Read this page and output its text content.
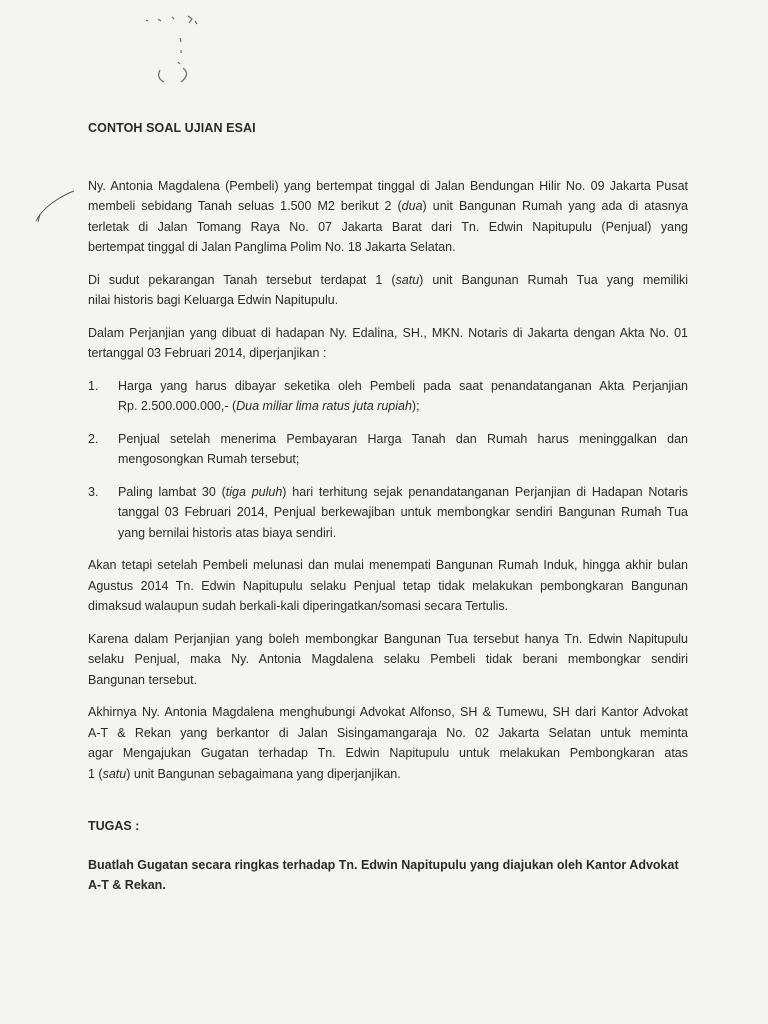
CONTOH SOAL UJIAN ESAI

Ny. Antonia Magdalena (Pembeli) yang bertempat tinggal di Jalan Bendungan Hilir No. 09 Jakarta Pusat
membeli sebidang Tanah seluas 1.500 M2 berikut 2 (dua) unit Bangunan Rumah yang ada di atasnya
terletak di Jalan Tomang Raya No. 07 Jakarta Barat dari Tn. Edwin Napitupulu (Penjual) yang
bertempat tinggal di Jalan Panglima Polim No. 18 Jakarta Selatan.

Di sudut pekarangan Tanah tersebut terdapat 1 (satu) unit Bangunan Rumah Tua yang memiliki
nilai historis bagi Keluarga Edwin Napitupulu.

Dalam Perjanjian yang dibuat di hadapan Ny. Edalina, SH., MKN. Notaris di Jakarta dengan Akta No. 01
tertanggal 03 Februari 2014, diperjanjikan :

1. Harga yang harus dibayar seketika oleh Pembeli pada saat penandatanganan Akta Perjanjian
Rp. 2.500.000.000,- (Dua miliar lima ratus juta rupiah);
2. Penjual setelah menerima Pembayaran Harga Tanah dan Rumah harus meninggalkan dan
mengosongkan Rumah tersebut;
3. Paling lambat 30 (tiga puluh) hari terhitung sejak penandatanganan Perjanjian di Hadapan Notaris
tanggal 03 Februari 2014, Penjual berkewajiban untuk membongkar sendiri Bangunan Rumah Tua
yang bernilai historis atas biaya sendiri.

Akan tetapi setelah Pembeli melunasi dan mulai menempati Bangunan Rumah Induk, hingga akhir bulan
Agustus 2014 Tn. Edwin Napitupulu selaku Penjual tetap tidak melakukan pembongkaran Bangunan
dimaksud walaupun sudah berkali-kali diperingatkan/somasi secara Tertulis.

Karena dalam Perjanjian yang boleh membongkar Bangunan Tua tersebut hanya Tn. Edwin Napitupulu
selaku Penjual, maka Ny. Antonia Magdalena selaku Pembeli tidak berani membongkar sendiri
Bangunan tersebut.

Akhirnya Ny. Antonia Magdalena menghubungi Advokat Alfonso, SH & Tumewu, SH dari Kantor Advokat
A-T & Rekan yang berkantor di Jalan Sisingamangaraja No. 02 Jakarta Selatan untuk meminta
agar Mengajukan Gugatan terhadap Tn. Edwin Napitupulu untuk melakukan Pembongkaran atas
1 (satu) unit Bangunan sebagaimana yang diperjanjikan.

TUGAS :
Buatlah Gugatan secara ringkas terhadap Tn. Edwin Napitupulu yang diajukan oleh Kantor Advokat
A-T & Rekan.
